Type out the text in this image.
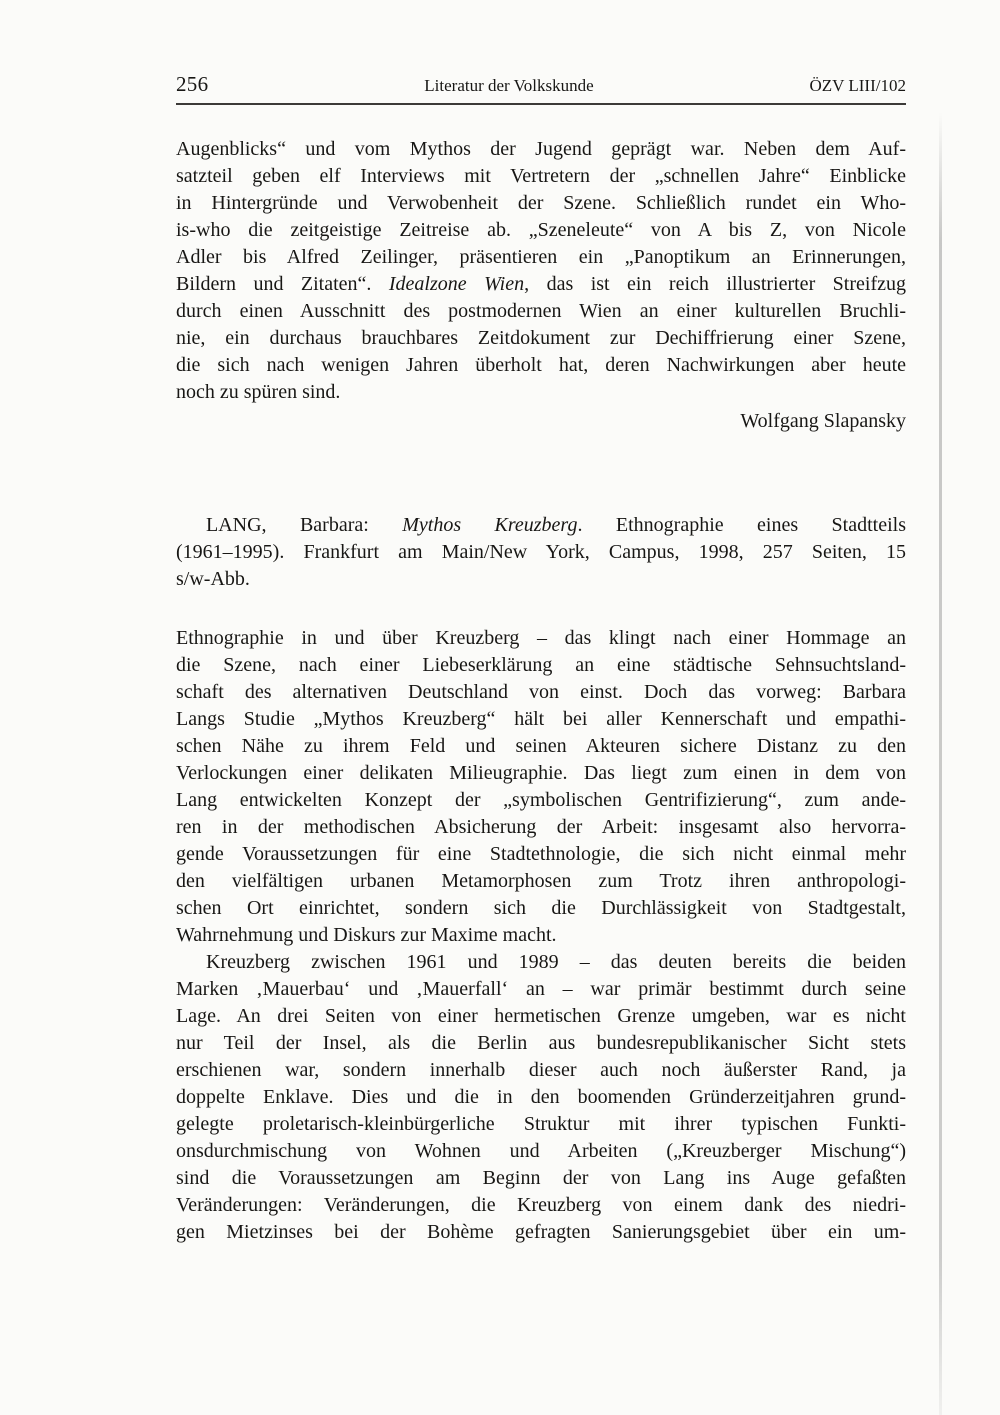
256	Literatur der Volkskunde	ÖZV LIII/102
Augenblicks“ und vom Mythos der Jugend geprägt war. Neben dem Auf-
satzteil geben elf Interviews mit Vertretern der „schnellen Jahre“ Einblicke
in Hintergründe und Verwobenheit der Szene. Schließlich rundet ein Who-
is-who die zeitgeistige Zeitreise ab. „Szeneleute“ von A bis Z, von Nicole
Adler bis Alfred Zeilinger, präsentieren ein „Panoptikum an Erinnerungen,
Bildern und Zitaten“. Idealzone Wien, das ist ein reich illustrierter Streifzug
durch einen Ausschnitt des postmodernen Wien an einer kulturellen Bruchli-
nie, ein durchaus brauchbares Zeitdokument zur Dechiffrierung einer Szene,
die sich nach wenigen Jahren überholt hat, deren Nachwirkungen aber heute
noch zu spüren sind.
Wolfgang Slapansky
LANG, Barbara: Mythos Kreuzberg. Ethnographie eines Stadtteils
(1961–1995). Frankfurt am Main/New York, Campus, 1998, 257 Seiten, 15
s/w-Abb.
Ethnographie in und über Kreuzberg – das klingt nach einer Hommage an
die Szene, nach einer Liebeserklärung an eine städtische Sehnsuchtsland-
schaft des alternativen Deutschland von einst. Doch das vorweg: Barbara
Langs Studie „Mythos Kreuzberg“ hält bei aller Kennerschaft und empathi-
schen Nähe zu ihrem Feld und seinen Akteuren sichere Distanz zu den
Verlockungen einer delikaten Milieugraphie. Das liegt zum einen in dem von
Lang entwickelten Konzept der „symbolischen Gentrifizierung“, zum ande-
ren in der methodischen Absicherung der Arbeit: insgesamt also hervorra-
gende Voraussetzungen für eine Stadtethnologie, die sich nicht einmal mehr
den vielfältigen urbanen Metamorphosen zum Trotz ihren anthropologi-
schen Ort einrichtet, sondern sich die Durchlässigkeit von Stadtgestalt,
Wahrnehmung und Diskurs zur Maxime macht.
Kreuzberg zwischen 1961 und 1989 – das deuten bereits die beiden
Marken ‚Mauerbau‘ und ‚Mauerfall‘ an – war primär bestimmt durch seine
Lage. An drei Seiten von einer hermetischen Grenze umgeben, war es nicht
nur Teil der Insel, als die Berlin aus bundesrepublikanischer Sicht stets
erschienen war, sondern innerhalb dieser auch noch äußerster Rand, ja
doppelte Enklave. Dies und die in den boomenden Gründerzeitjahren grund-
gelegte proletarisch-kleinbürgerliche Struktur mit ihrer typischen Funkti-
onsdurchmischung von Wohnen und Arbeiten („Kreuzberger Mischung“)
sind die Voraussetzungen am Beginn der von Lang ins Auge gefaßten
Veränderungen: Veränderungen, die Kreuzberg von einem dank des niedri-
gen Mietzinses bei der Bohème gefragten Sanierungsgebiet über ein um-
